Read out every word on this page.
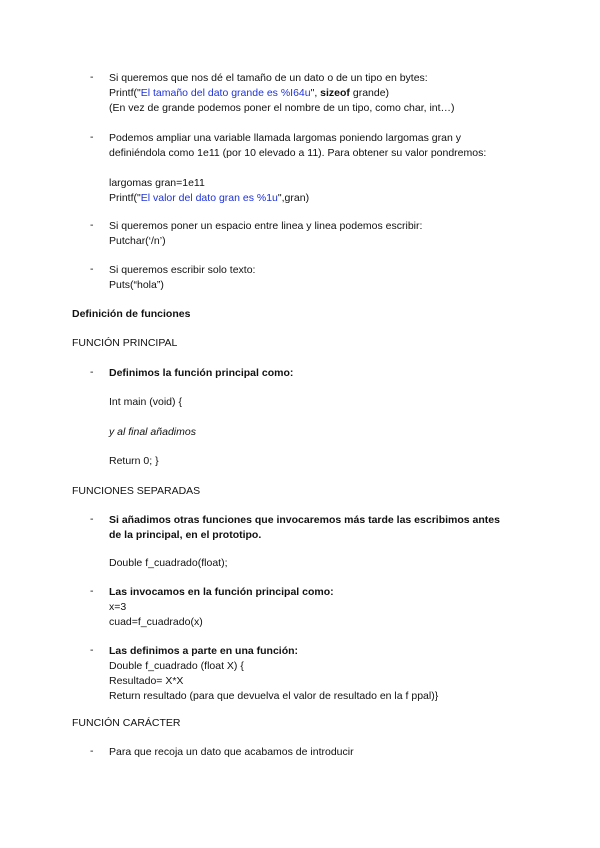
- Si queremos que nos dé el tamaño de un dato o de un tipo en bytes:
Printf("El tamaño del dato grande es %I64u", sizeof grande)
(En vez de grande podemos poner el nombre de un tipo, como char, int…)
- Podemos ampliar una variable llamada largomas poniendo largomas gran y
definiéndola como 1e11 (por 10 elevado a 11). Para obtener su valor pondremos:
largomas gran=1e11
Printf("El valor del dato gran es %1u",gran)
- Si queremos poner un espacio entre linea y linea podemos escribir:
Putchar(‘/n’)
- Si queremos escribir solo texto:
Puts(“hola”)
Definición de funciones
FUNCIÓN PRINCIPAL
- Definimos la función principal como:
Int main (void) {
y al final añadimos
Return 0; }
FUNCIONES SEPARADAS
- Si añadimos otras funciones que invocaremos más tarde las escribimos antes
de la principal, en el prototipo.
Double f_cuadrado(float);
- Las invocamos en la función principal como:
x=3
cuad=f_cuadrado(x)
- Las definimos a parte en una función:
Double f_cuadrado (float X) {
Resultado= X*X
Return resultado (para que devuelva el valor de resultado en la f ppal)}
FUNCIÓN CARÁCTER
- Para que recoja un dato que acabamos de introducir
